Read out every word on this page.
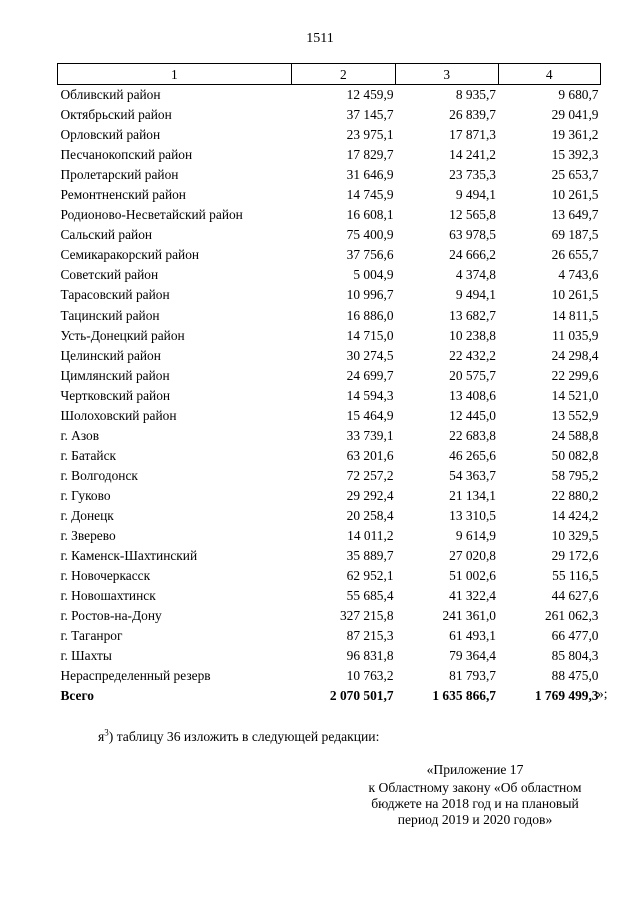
1511
1	2	3	4
Обливский район	12 459,9	8 935,7	9 680,7
Октябрьский район	37 145,7	26 839,7	29 041,9
Орловский район	23 975,1	17 871,3	19 361,2
Песчанокопский район	17 829,7	14 241,2	15 392,3
Пролетарский район	31 646,9	23 735,3	25 653,7
Ремонтненский район	14 745,9	9 494,1	10 261,5
Родионово-Несветайский район	16 608,1	12 565,8	13 649,7
Сальский район	75 400,9	63 978,5	69 187,5
Семикаракорский район	37 756,6	24 666,2	26 655,7
Советский район	5 004,9	4 374,8	4 743,6
Тарасовский район	10 996,7	9 494,1	10 261,5
Тацинский район	16 886,0	13 682,7	14 811,5
Усть-Донецкий район	14 715,0	10 238,8	11 035,9
Целинский район	30 274,5	22 432,2	24 298,4
Цимлянский район	24 699,7	20 575,7	22 299,6
Чертковский район	14 594,3	13 408,6	14 521,0
Шолоховский район	15 464,9	12 445,0	13 552,9
г. Азов	33 739,1	22 683,8	24 588,8
г. Батайск	63 201,6	46 265,6	50 082,8
г. Волгодонск	72 257,2	54 363,7	58 795,2
г. Гуково	29 292,4	21 134,1	22 880,2
г. Донецк	20 258,4	13 310,5	14 424,2
г. Зверево	14 011,2	9 614,9	10 329,5
г. Каменск-Шахтинский	35 889,7	27 020,8	29 172,6
г. Новочеркасск	62 952,1	51 002,6	55 116,5
г. Новошахтинск	55 685,4	41 322,4	44 627,6
г. Ростов-на-Дону	327 215,8	241 361,0	261 062,3
г. Таганрог	87 215,3	61 493,1	66 477,0
г. Шахты	96 831,8	79 364,4	85 804,3
Нераспределенный резерв	10 763,2	81 793,7	88 475,0
Всего	2 070 501,7	1 635 866,7	1 769 499,3
»;
$я^3$) таблицу 36 изложить в следующей редакции:
«Приложение 17
к Областному закону «Об областном
бюджете на 2018 год и на плановый
период 2019 и 2020 годов»
